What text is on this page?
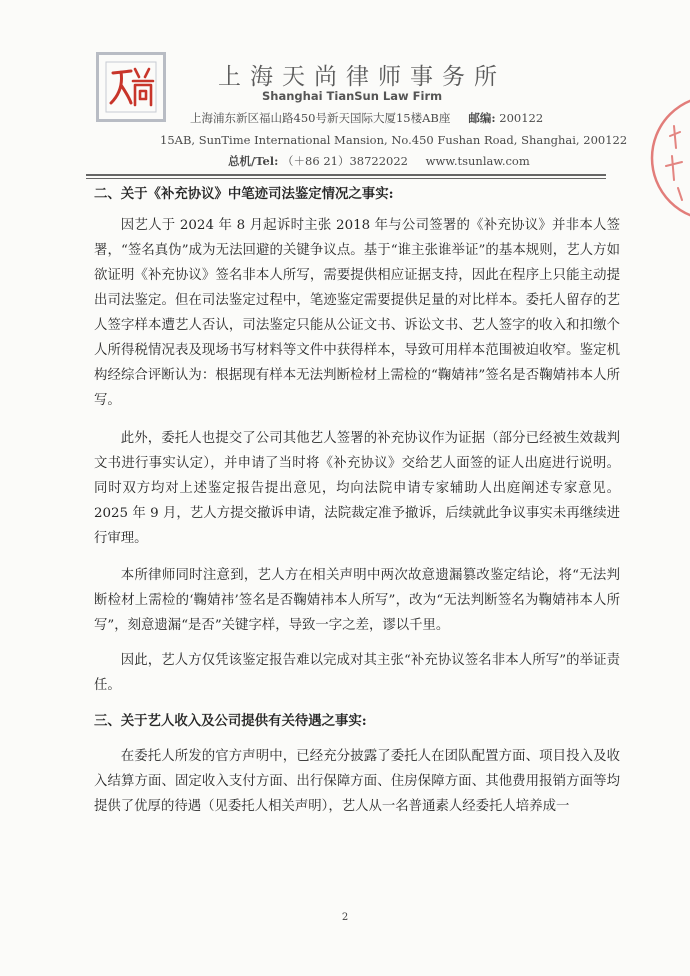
上海天尚律师事务所
Shanghai TianSun Law Firm
上海浦东新区福山路450号新天国际大厦15楼AB座 邮编: 200122
15AB, SunTime International Mansion, No.450 Fushan Road, Shanghai, 200122
总机/Tel: （＋86 21）38722022 www.tsunlaw.com

二、关于《补充协议》中笔迹司法鉴定情况之事实:

因艺人于 2024 年 8 月起诉时主张 2018 年与公司签署的《补充协议》并非本人签署，“签名真伪”成为无法回避的关键争议点。基于“谁主张谁举证”的基本规则，艺人方如欲证明《补充协议》签名非本人所写，需要提供相应证据支持，因此在程序上只能主动提出司法鉴定。但在司法鉴定过程中，笔迹鉴定需要提供足量的对比样本。委托人留存的艺人签字样本遭艺人否认，司法鉴定只能从公证文书、诉讼文书、艺人签字的收入和扣缴个人所得税情况表及现场书写材料等文件中获得样本，导致可用样本范围被迫收窄。鉴定机构经综合评断认为：根据现有样本无法判断检材上需检的“鞠婧祎”签名是否鞠婧祎本人所写。

此外，委托人也提交了公司其他艺人签署的补充协议作为证据（部分已经被生效裁判文书进行事实认定），并申请了当时将《补充协议》交给艺人面签的证人出庭进行说明。同时双方均对上述鉴定报告提出意见，均向法院申请专家辅助人出庭阐述专家意见。2025 年 9 月，艺人方提交撤诉申请，法院裁定准予撤诉，后续就此争议事实未再继续进行审理。

本所律师同时注意到，艺人方在相关声明中两次故意遗漏篡改鉴定结论，将“无法判断检材上需检的‘鞠婧祎’签名是否鞠婧祎本人所写”，改为“无法判断签名为鞠婧祎本人所写”，刻意遗漏“是否”关键字样，导致一字之差，谬以千里。

因此，艺人方仅凭该鉴定报告难以完成对其主张“补充协议签名非本人所写”的举证责任。

三、关于艺人收入及公司提供有关待遇之事实:

在委托人所发的官方声明中，已经充分披露了委托人在团队配置方面、项目投入及收入结算方面、固定收入支付方面、出行保障方面、住房保障方面、其他费用报销方面等均提供了优厚的待遇（见委托人相关声明），艺人从一名普通素人经委托人培养成一

2
